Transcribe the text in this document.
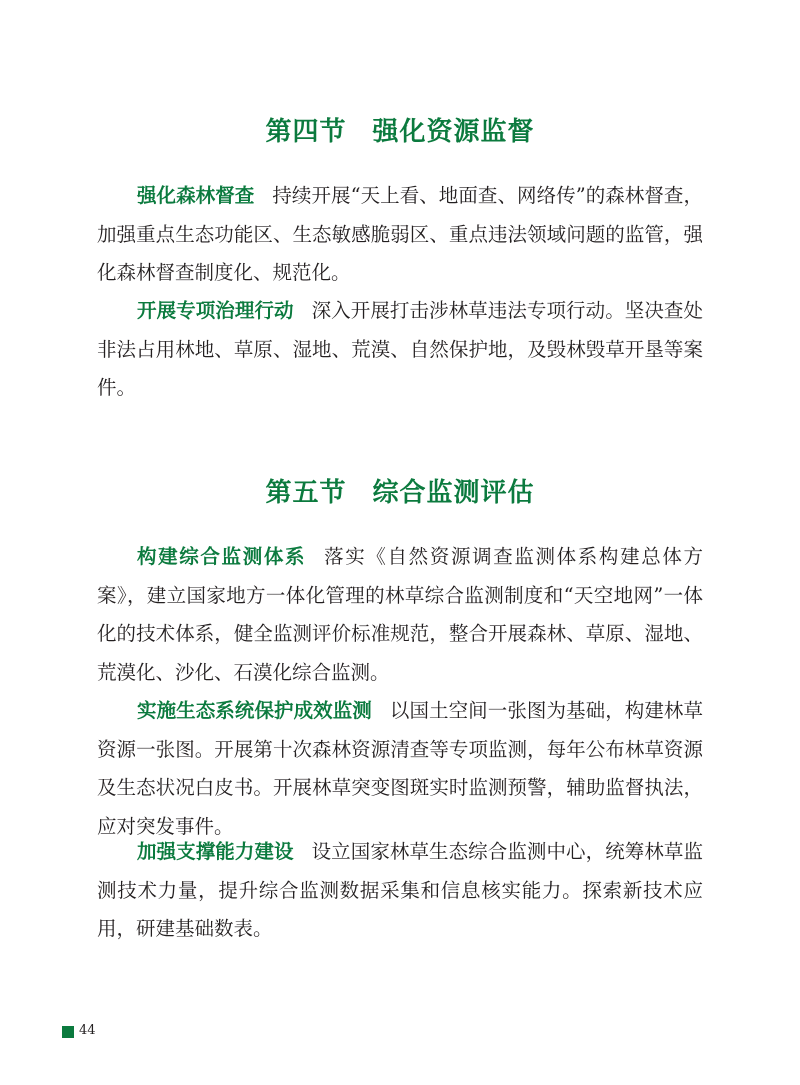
第四节 强化资源监督
强化森林督查 持续开展“天上看、地面查、网络传”的森林督查，加强重点生态功能区、生态敏感脆弱区、重点违法领域问题的监管，强化森林督查制度化、规范化。
开展专项治理行动 深入开展打击涉林草违法专项行动。坚决查处非法占用林地、草原、湿地、荒漠、自然保护地，及毁林毁草开垦等案件。
第五节 综合监测评估
构建综合监测体系 落实《自然资源调查监测体系构建总体方案》，建立国家地方一体化管理的林草综合监测制度和“天空地网”一体化的技术体系，健全监测评价标准规范，整合开展森林、草原、湿地、荒漠化、沙化、石漠化综合监测。
实施生态系统保护成效监测 以国土空间一张图为基础，构建林草资源一张图。开展第十次森林资源清查等专项监测，每年公布林草资源及生态状况白皮书。开展林草突变图斑实时监测预警，辅助监督执法，应对突发事件。
加强支撑能力建设 设立国家林草生态综合监测中心，统筹林草监测技术力量，提升综合监测数据采集和信息核实能力。探索新技术应用，研建基础数表。
44
